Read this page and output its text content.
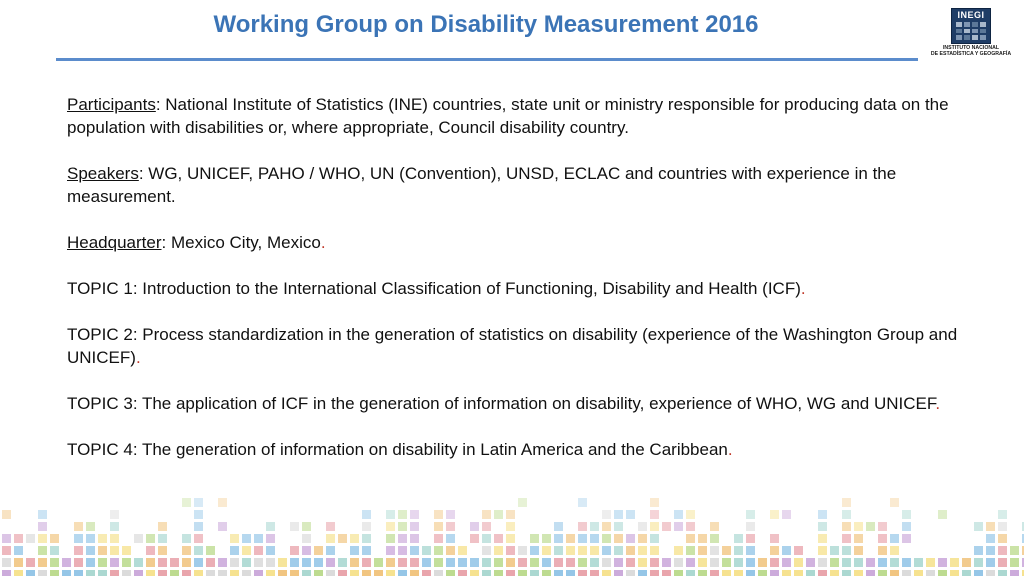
Working Group on Disability Measurement 2016	INEGI
INSTITUTO NACIONAL
DE ESTADÍSTICA Y GEOGRAFÍA

Participants: National Institute of Statistics (INE) countries, state unit or ministry responsible for producing data on the population with disabilities or, where appropriate, Council disability country.

Speakers: WG, UNICEF, PAHO / WHO, UN (Convention), UNSD, ECLAC and countries with experience in the measurement.

Headquarter: Mexico City, Mexico.

TOPIC 1: Introduction to the International Classification of Functioning, Disability and Health (ICF).

TOPIC 2: Process standardization in the generation of statistics on disability (experience of the Washington Group and UNICEF).

TOPIC 3: The application of ICF in the generation of information on disability, experience of WHO, WG and UNICEF.

TOPIC 4: The generation of information on disability in Latin America and the Caribbean.
